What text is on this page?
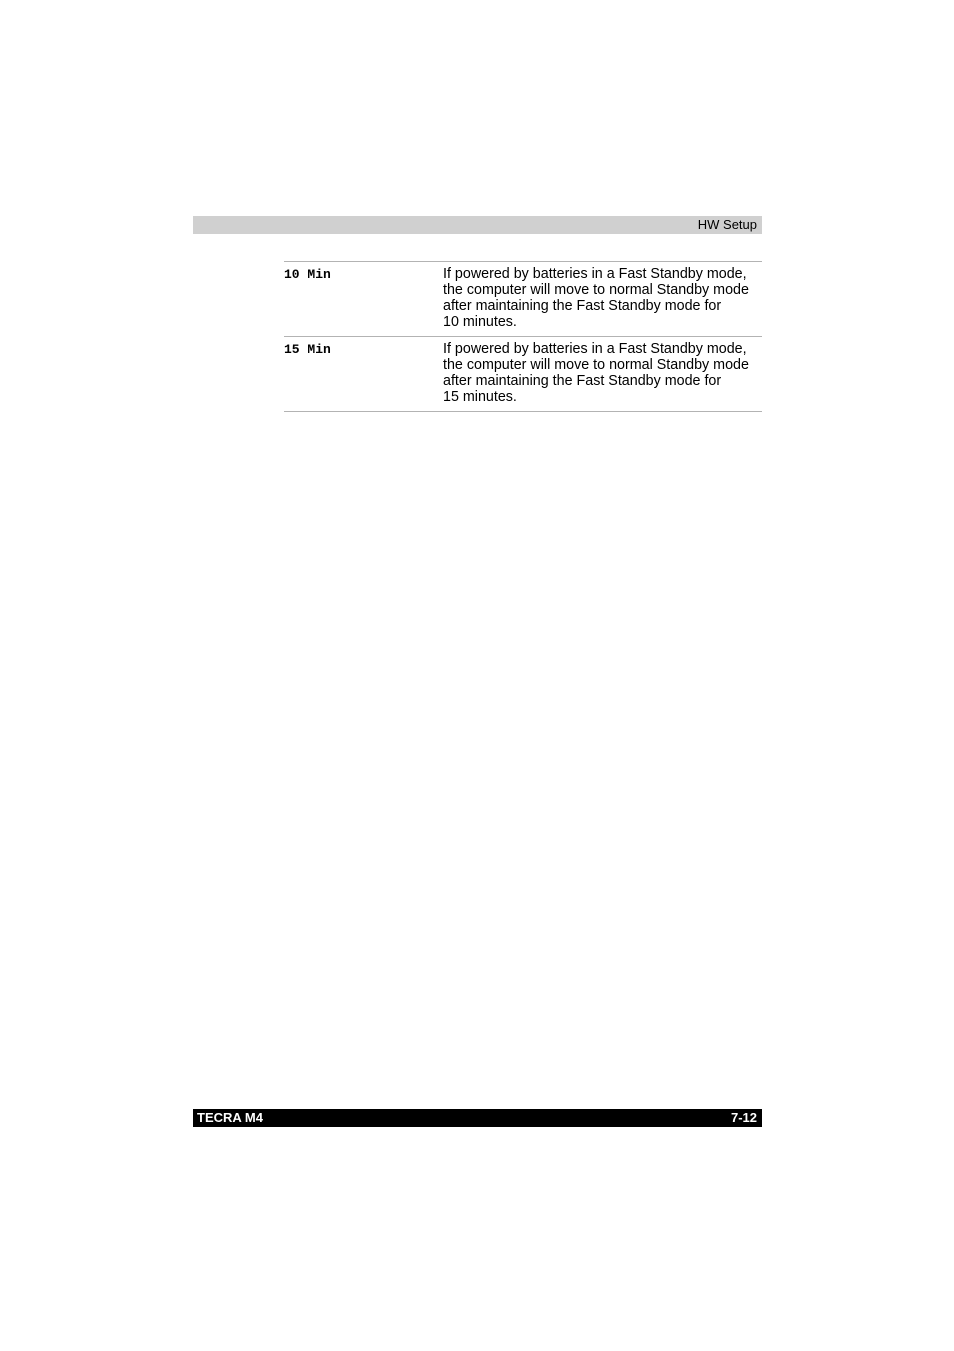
HW Setup
10 Min	If powered by batteries in a Fast Standby mode,
the computer will move to normal Standby mode
after maintaining the Fast Standby mode for
10 minutes.
15 Min	If powered by batteries in a Fast Standby mode,
the computer will move to normal Standby mode
after maintaining the Fast Standby mode for
15 minutes.
TECRA M4	7-12
